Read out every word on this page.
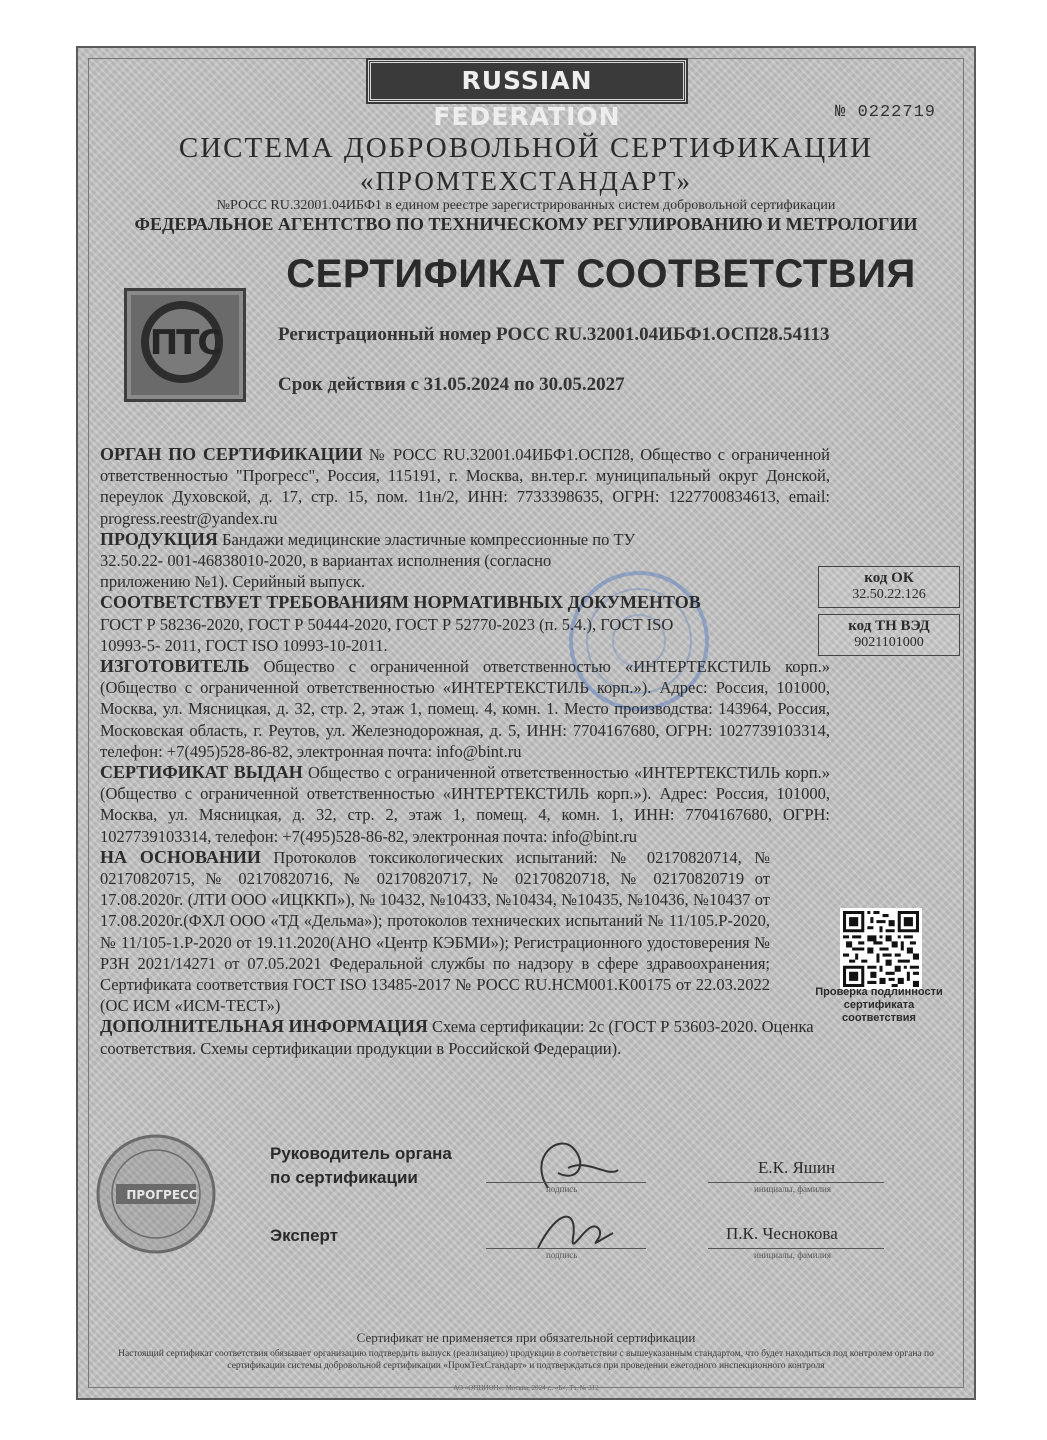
RUSSIAN FEDERATION	№ 0222719
СИСТЕМА ДОБРОВОЛЬНОЙ СЕРТИФИКАЦИИ
«ПРОМТЕХСТАНДАРТ»
№РОСС RU.32001.04ИБФ1 в едином реестре зарегистрированных систем добровольной сертификации
ФЕДЕРАЛЬНОЕ АГЕНТСТВО ПО ТЕХНИЧЕСКОМУ РЕГУЛИРОВАНИЮ И МЕТРОЛОГИИ
СЕРТИФИКАТ СООТВЕТСТВИЯ
ПТС	Регистрационный номер РОСС RU.32001.04ИБФ1.ОСП28.54113
Срок действия с 31.05.2024 по 30.05.2027

ОРГАН ПО СЕРТИФИКАЦИИ № РОСС RU.32001.04ИБФ1.ОСП28, Общество с ограниченной ответственностью "Прогресс", Россия, 115191, г. Москва, вн.тер.г. муниципальный округ Донской, переулок Духовской, д. 17, стр. 15, пом. 11н/2, ИНН: 7733398635, ОГРН: 1227700834613, email: progress.reestr@yandex.ru

ПРОДУКЦИЯ Бандажи медицинские эластичные компрессионные по ТУ 32.50.22- 001-46838010-2020, в вариантах исполнения (согласно приложению №1). Серийный выпуск.

СООТВЕТСТВУЕТ ТРЕБОВАНИЯМ НОРМАТИВНЫХ ДОКУМЕНТОВ
ГОСТ Р 58236-2020, ГОСТ Р 50444-2020, ГОСТ Р 52770-2023 (п. 5.4.), ГОСТ ISO 10993-5- 2011, ГОСТ ISO 10993-10-2011.

ИЗГОТОВИТЕЛЬ Общество с ограниченной ответственностью «ИНТЕРТЕКСТИЛЬ корп.» (Общество с ограниченной ответственностью «ИНТЕРТЕКСТИЛЬ корп.»). Адрес: Россия, 101000, Москва, ул. Мясницкая, д. 32, стр. 2, этаж 1, помещ. 4, комн. 1. Место производства: 143964, Россия, Московская область, г. Реутов, ул. Железнодорожная, д. 5, ИНН: 7704167680, ОГРН: 1027739103314, телефон: +7(495)528-86-82, электронная почта: info@bint.ru

СЕРТИФИКАТ ВЫДАН Общество с ограниченной ответственностью «ИНТЕРТЕКСТИЛЬ корп.» (Общество с ограниченной ответственностью «ИНТЕРТЕКСТИЛЬ корп.»). Адрес: Россия, 101000, Москва, ул. Мясницкая, д. 32, стр. 2, этаж 1, помещ. 4, комн. 1, ИНН: 7704167680, ОГРН: 1027739103314, телефон: +7(495)528-86-82, электронная почта: info@bint.ru

НА ОСНОВАНИИ Протоколов токсикологических испытаний: № 02170820714, № 02170820715, № 02170820716, № 02170820717, № 02170820718, № 02170820719 от 17.08.2020г. (ЛТИ ООО «ИЦККП»), № 10432, №10433, №10434, №10435, №10436, №10437 от 17.08.2020г.(ФХЛ ООО «ТД «Дельма»); протоколов технических испытаний № 11/105.Р-2020, № 11/105-1.Р-2020 от 19.11.2020(АНО «Центр КЭБМИ»); Регистрационного удостоверения № РЗН 2021/14271 от 07.05.2021 Федеральной службы по надзору в сфере здравоохранения; Сертификата соответствия ГОСТ ISO 13485-2017 № РОСС RU.HCM001.K00175 от 22.03.2022 (ОС ИСМ «ИСМ-ТЕСТ»)

ДОПОЛНИТЕЛЬНАЯ ИНФОРМАЦИЯ Схема сертификации: 2с (ГОСТ Р 53603-2020. Оценка соответствия. Схемы сертификации продукции в Российской Федерации).

код ОК
32.50.22.126
код ТН ВЭД
9021101000
Проверка подлинности сертификата соответствия
ПРОГРЕСС
Руководитель органа
по сертификации
подпись
Е.К. Яшин
инициалы, фамилия
Эксперт
подпись
П.К. Чеснокова
инициалы, фамилия
Сертификат не применяется при обязательной сертификации
Настоящий сертификат соответствия обязывает организацию подтвердить выпуск (реализацию) продукции в соответствии с вышеуказанным стандартом, что будет находиться под контролем органа по сертификации системы добровольной сертификации «ПромТехСтандарт» и подтверждаться при проведении ежегодного инспекционного контроля
АО «ОПЦИОН», Москва, 2024 г., «Б», Тз. № 312
